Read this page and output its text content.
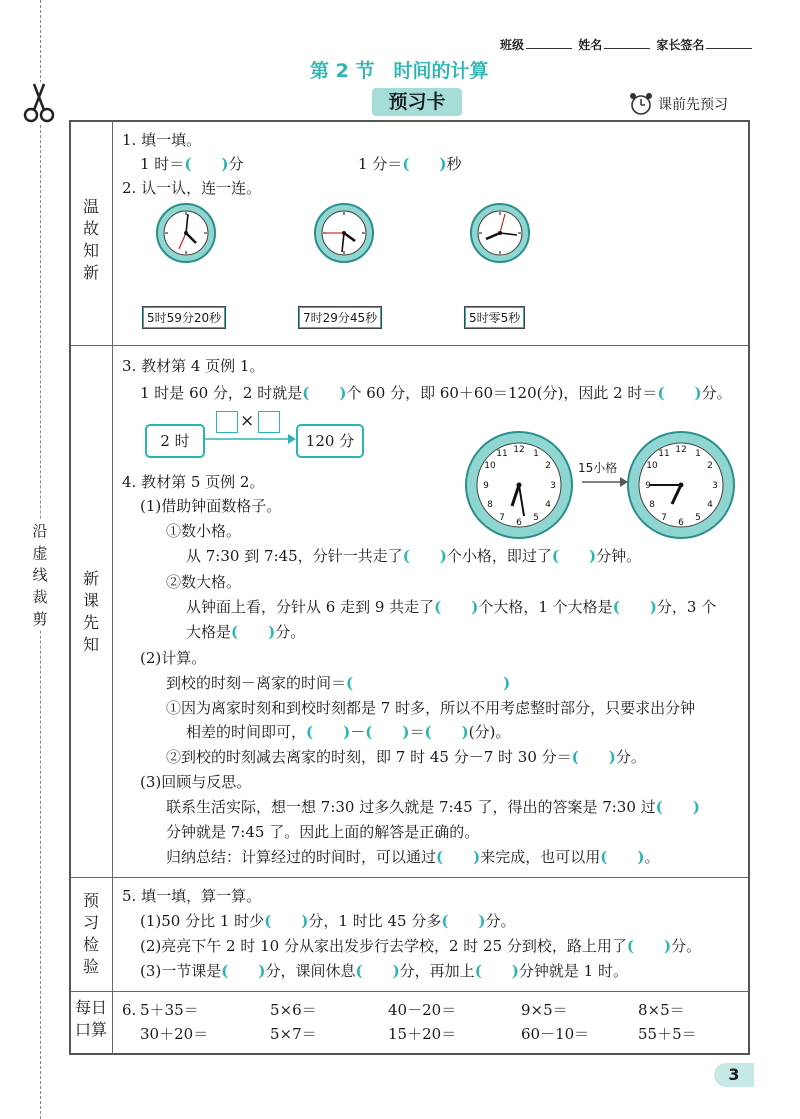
沿
虚
线
裁
剪
班级	姓名	家长签名
第 2 节　时间的计算
预习卡	课前先预习
温
故
知
新
新
课
先
知
预
习
检
验
每日
口算
1. 填一填。
1 时＝(　　)分	1 分＝(　　)秒
2. 认一认，连一连。
5时59分20秒	7时29分45秒	5时零5秒
3. 教材第 4 页例 1。
1 时是 60 分，2 时就是(　　)个 60 分，即 60＋60＝120(分)，因此 2 时＝(　　)分。
2 时
×
120 分	12 1
2
3
4
5
6
7
8
9
10
11	12 1
2
3
4
5
6
7
8
9
10
11
15小格
4. 教材第 5 页例 2。
(1)借助钟面数格子。
①数小格。
从 7:30 到 7:45，分针一共走了(　　)个小格，即过了(　　)分钟。
②数大格。
从钟面上看，分针从 6 走到 9 共走了(　　)个大格，1 个大格是(　　)分，3 个
大格是(　　)分。
(2)计算。
到校的时刻－离家的时间＝(　　　　　　　　　　)
①因为离家时刻和到校时刻都是 7 时多，所以不用考虑整时部分，只要求出分钟
相差的时间即可，(　　)－(　　)＝(　　)(分)。
②到校的时刻减去离家的时刻，即 7 时 45 分－7 时 30 分＝(　　)分。
(3)回顾与反思。
联系生活实际，想一想 7:30 过多久就是 7:45 了，得出的答案是 7:30 过(　　)
分钟就是 7:45 了。因此上面的解答是正确的。
归纳总结：计算经过的时间时，可以通过(　　)来完成，也可以用(　　)。
5. 填一填，算一算。
(1)50 分比 1 时少(　　)分，1 时比 45 分多(　　)分。
(2)亮亮下午 2 时 10 分从家出发步行去学校，2 时 25 分到校，路上用了(　　)分。
(3)一节课是(　　)分，课间休息(　　)分，再加上(　　)分钟就是 1 时。
6. 5＋35＝	5×6＝	40－20＝	9×5＝	8×5＝
30＋20＝	5×7＝	15＋20＝	60－10＝	55＋5＝
3
